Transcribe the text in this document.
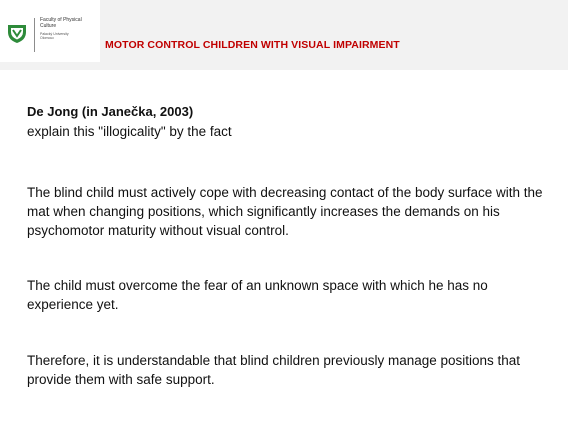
Faculty of Physical
Culture
Palacký University
Olomouc
MOTOR CONTROL CHILDREN WITH VISUAL IMPAIRMENT
De Jong (in Janečka, 2003)
explain this "illogicality" by the fact
The blind child must actively cope with decreasing contact of the body surface with the mat when changing positions, which significantly increases the demands on his psychomotor maturity without visual control.
The child must overcome the fear of an unknown space with which he has no experience yet.
Therefore, it is understandable that blind children previously manage positions that provide them with safe support.
